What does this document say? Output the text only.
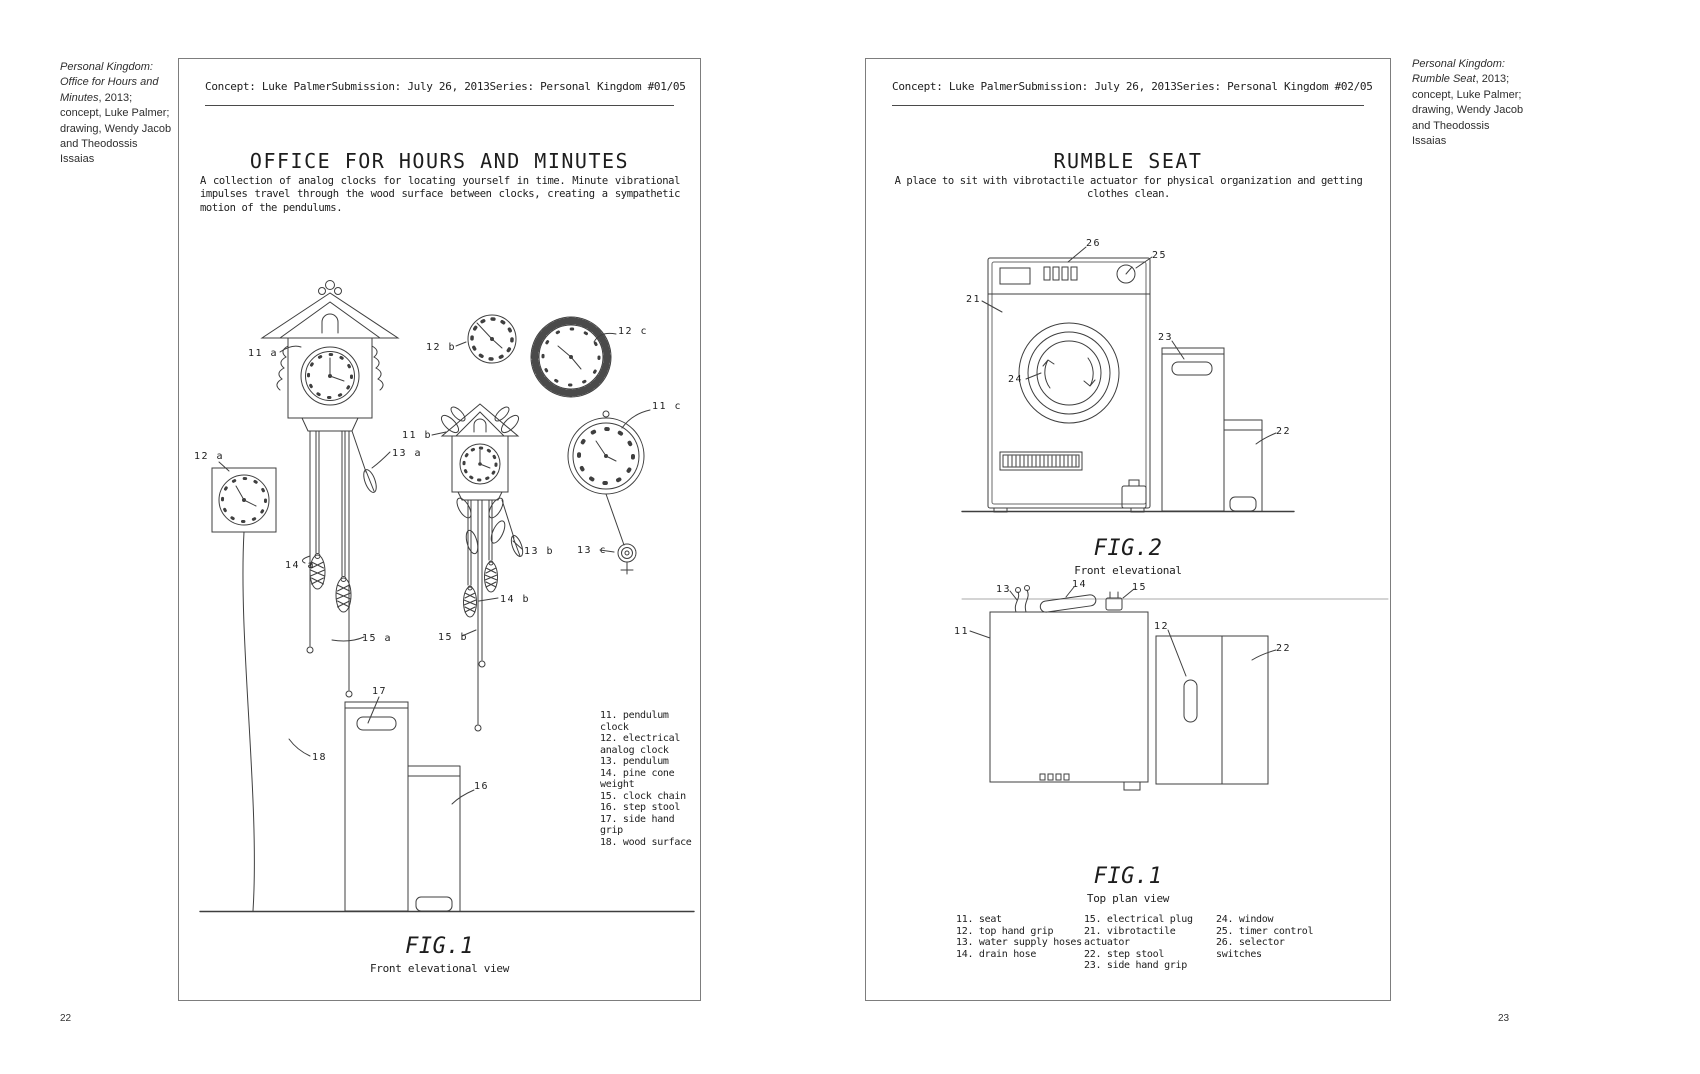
Personal Kingdom: Office for Hours and Minutes, 2013; concept, Luke Palmer; drawing, Wendy Jacob and Theodossis Issaias
Personal Kingdom: Rumble Seat, 2013; concept, Luke Palmer; drawing, Wendy Jacob and Theodossis Issaias
Concept: Luke Palmer Submission: July 26, 2013 Series: Personal Kingdom #01/05
OFFICE FOR HOURS AND MINUTES
A collection of analog clocks for locating yourself in time. Minute vibrational impulses travel through the wood surface between clocks, creating a sympathetic motion of the pendulums.
FIG.1
Front elevational view
11. pendulum clock
12. electrical analog clock
13. pendulum
14. pine cone weight
15. clock chain
16. step stool
17. side hand grip
18. wood surface
11 a
12 a
12 b
12 c
11 b
11 c
13 a
13 b 13 c
14 a
14 b
15 a	15 b
16
17
18
Concept: Luke Palmer Submission: July 26, 2013 Series: Personal Kingdom #02/05
RUMBLE SEAT
A place to sit with vibrotactile actuator for physical organization and getting clothes clean.
FIG.2
Front elevational
FIG.1
Top plan view
11. seat
12. top hand grip
13. water supply hoses
14. drain hose
15. electrical plug
21. vibrotactile actuator
22. step stool
23. side hand grip
24. window
25. timer control
26. selector switches
21
26
25
24
23
22
13	14	15
11	12
22
22	23
